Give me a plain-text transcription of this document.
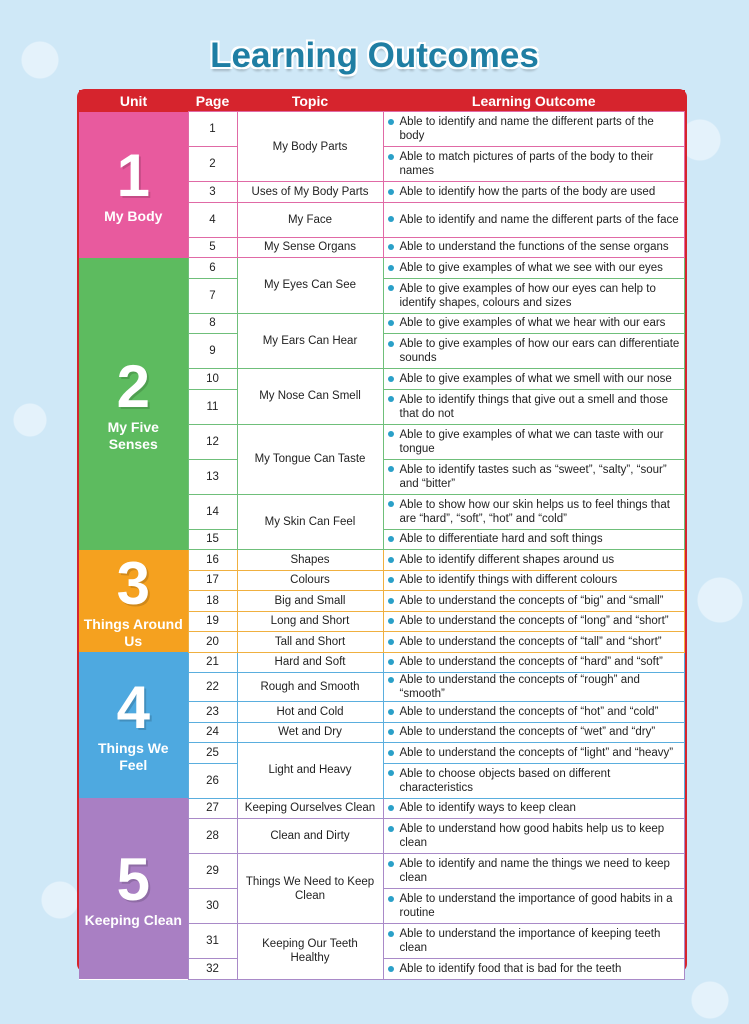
Learning Outcomes
Unit	Page	Topic	Learning Outcome

1
My Body	1	My Body Parts	Able to identify and name the different parts of the body
	2		Able to match pictures of parts of the body to their names
	3	Uses of My Body Parts	Able to identify how the parts of the body are used
	4	My Face	Able to identify and name the different parts of the face
	5	My Sense Organs	Able to understand the functions of the sense organs

2
My Five Senses	6	My Eyes Can See	Able to give examples of what we see with our eyes
	7		Able to give examples of how our eyes can help to identify shapes, colours and sizes
	8	My Ears Can Hear	Able to give examples of what we hear with our ears
	9		Able to give examples of how our ears can differentiate sounds
	10	My Nose Can Smell	Able to give examples of what we smell with our nose
	11		Able to identify things that give out a smell and those that do not
	12	My Tongue Can Taste	Able to give examples of what we can taste with our tongue
	13		Able to identify tastes such as “sweet”, “salty”, “sour” and “bitter”
	14	My Skin Can Feel	Able to show how our skin helps us to feel things that are “hard”, “soft”, “hot” and “cold”
	15		Able to differentiate hard and soft things

3
Things Around Us	16	Shapes	Able to identify different shapes around us
	17	Colours	Able to identify things with different colours
	18	Big and Small	Able to understand the concepts of “big” and “small”
	19	Long and Short	Able to understand the concepts of “long” and “short”
	20	Tall and Short	Able to understand the concepts of “tall” and “short”

4
Things We Feel	21	Hard and Soft	Able to understand the concepts of “hard” and “soft”
	22	Rough and Smooth	Able to understand the concepts of “rough” and “smooth”
	23	Hot and Cold	Able to understand the concepts of “hot” and “cold”
	24	Wet and Dry	Able to understand the concepts of “wet” and “dry”
	25	Light and Heavy	Able to understand the concepts of “light” and “heavy”
	26		Able to choose objects based on different characteristics

5
Keeping Clean	27	Keeping Ourselves Clean	Able to identify ways to keep clean
	28	Clean and Dirty	Able to understand how good habits help us to keep clean
	29	Things We Need to Keep Clean	Able to identify and name the things we need to keep clean
	30		Able to understand the importance of good habits in a routine
	31	Keeping Our Teeth Healthy	Able to understand the importance of keeping teeth clean
	32		Able to identify food that is bad for the teeth
